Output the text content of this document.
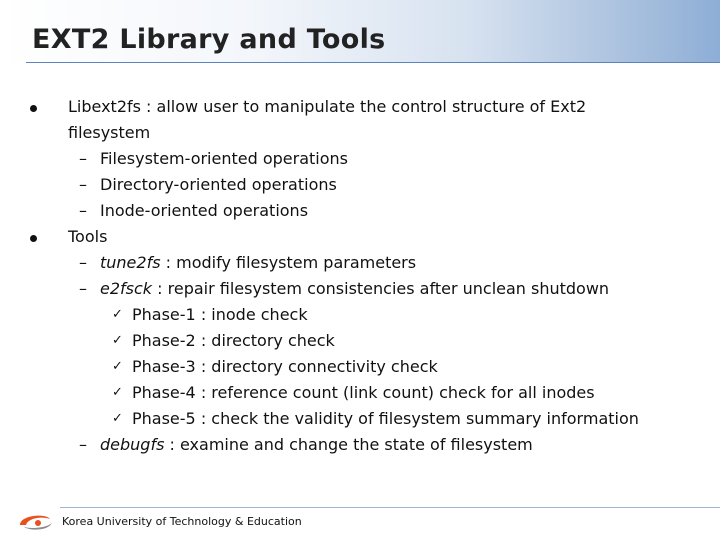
EXT2 Library and Tools
Libext2fs : allow user to manipulate the control structure of Ext2
filesystem
– Filesystem-oriented operations
– Directory-oriented operations
– Inode-oriented operations
Tools
– tune2fs : modify filesystem parameters
– e2fsck : repair filesystem consistencies after unclean shutdown
✓ Phase-1 : inode check
✓ Phase-2 : directory check
✓ Phase-3 : directory connectivity check
✓ Phase-4 : reference count (link count) check for all inodes
✓ Phase-5 : check the validity of filesystem summary information
– debugfs : examine and change the state of filesystem
Korea University of Technology & Education
